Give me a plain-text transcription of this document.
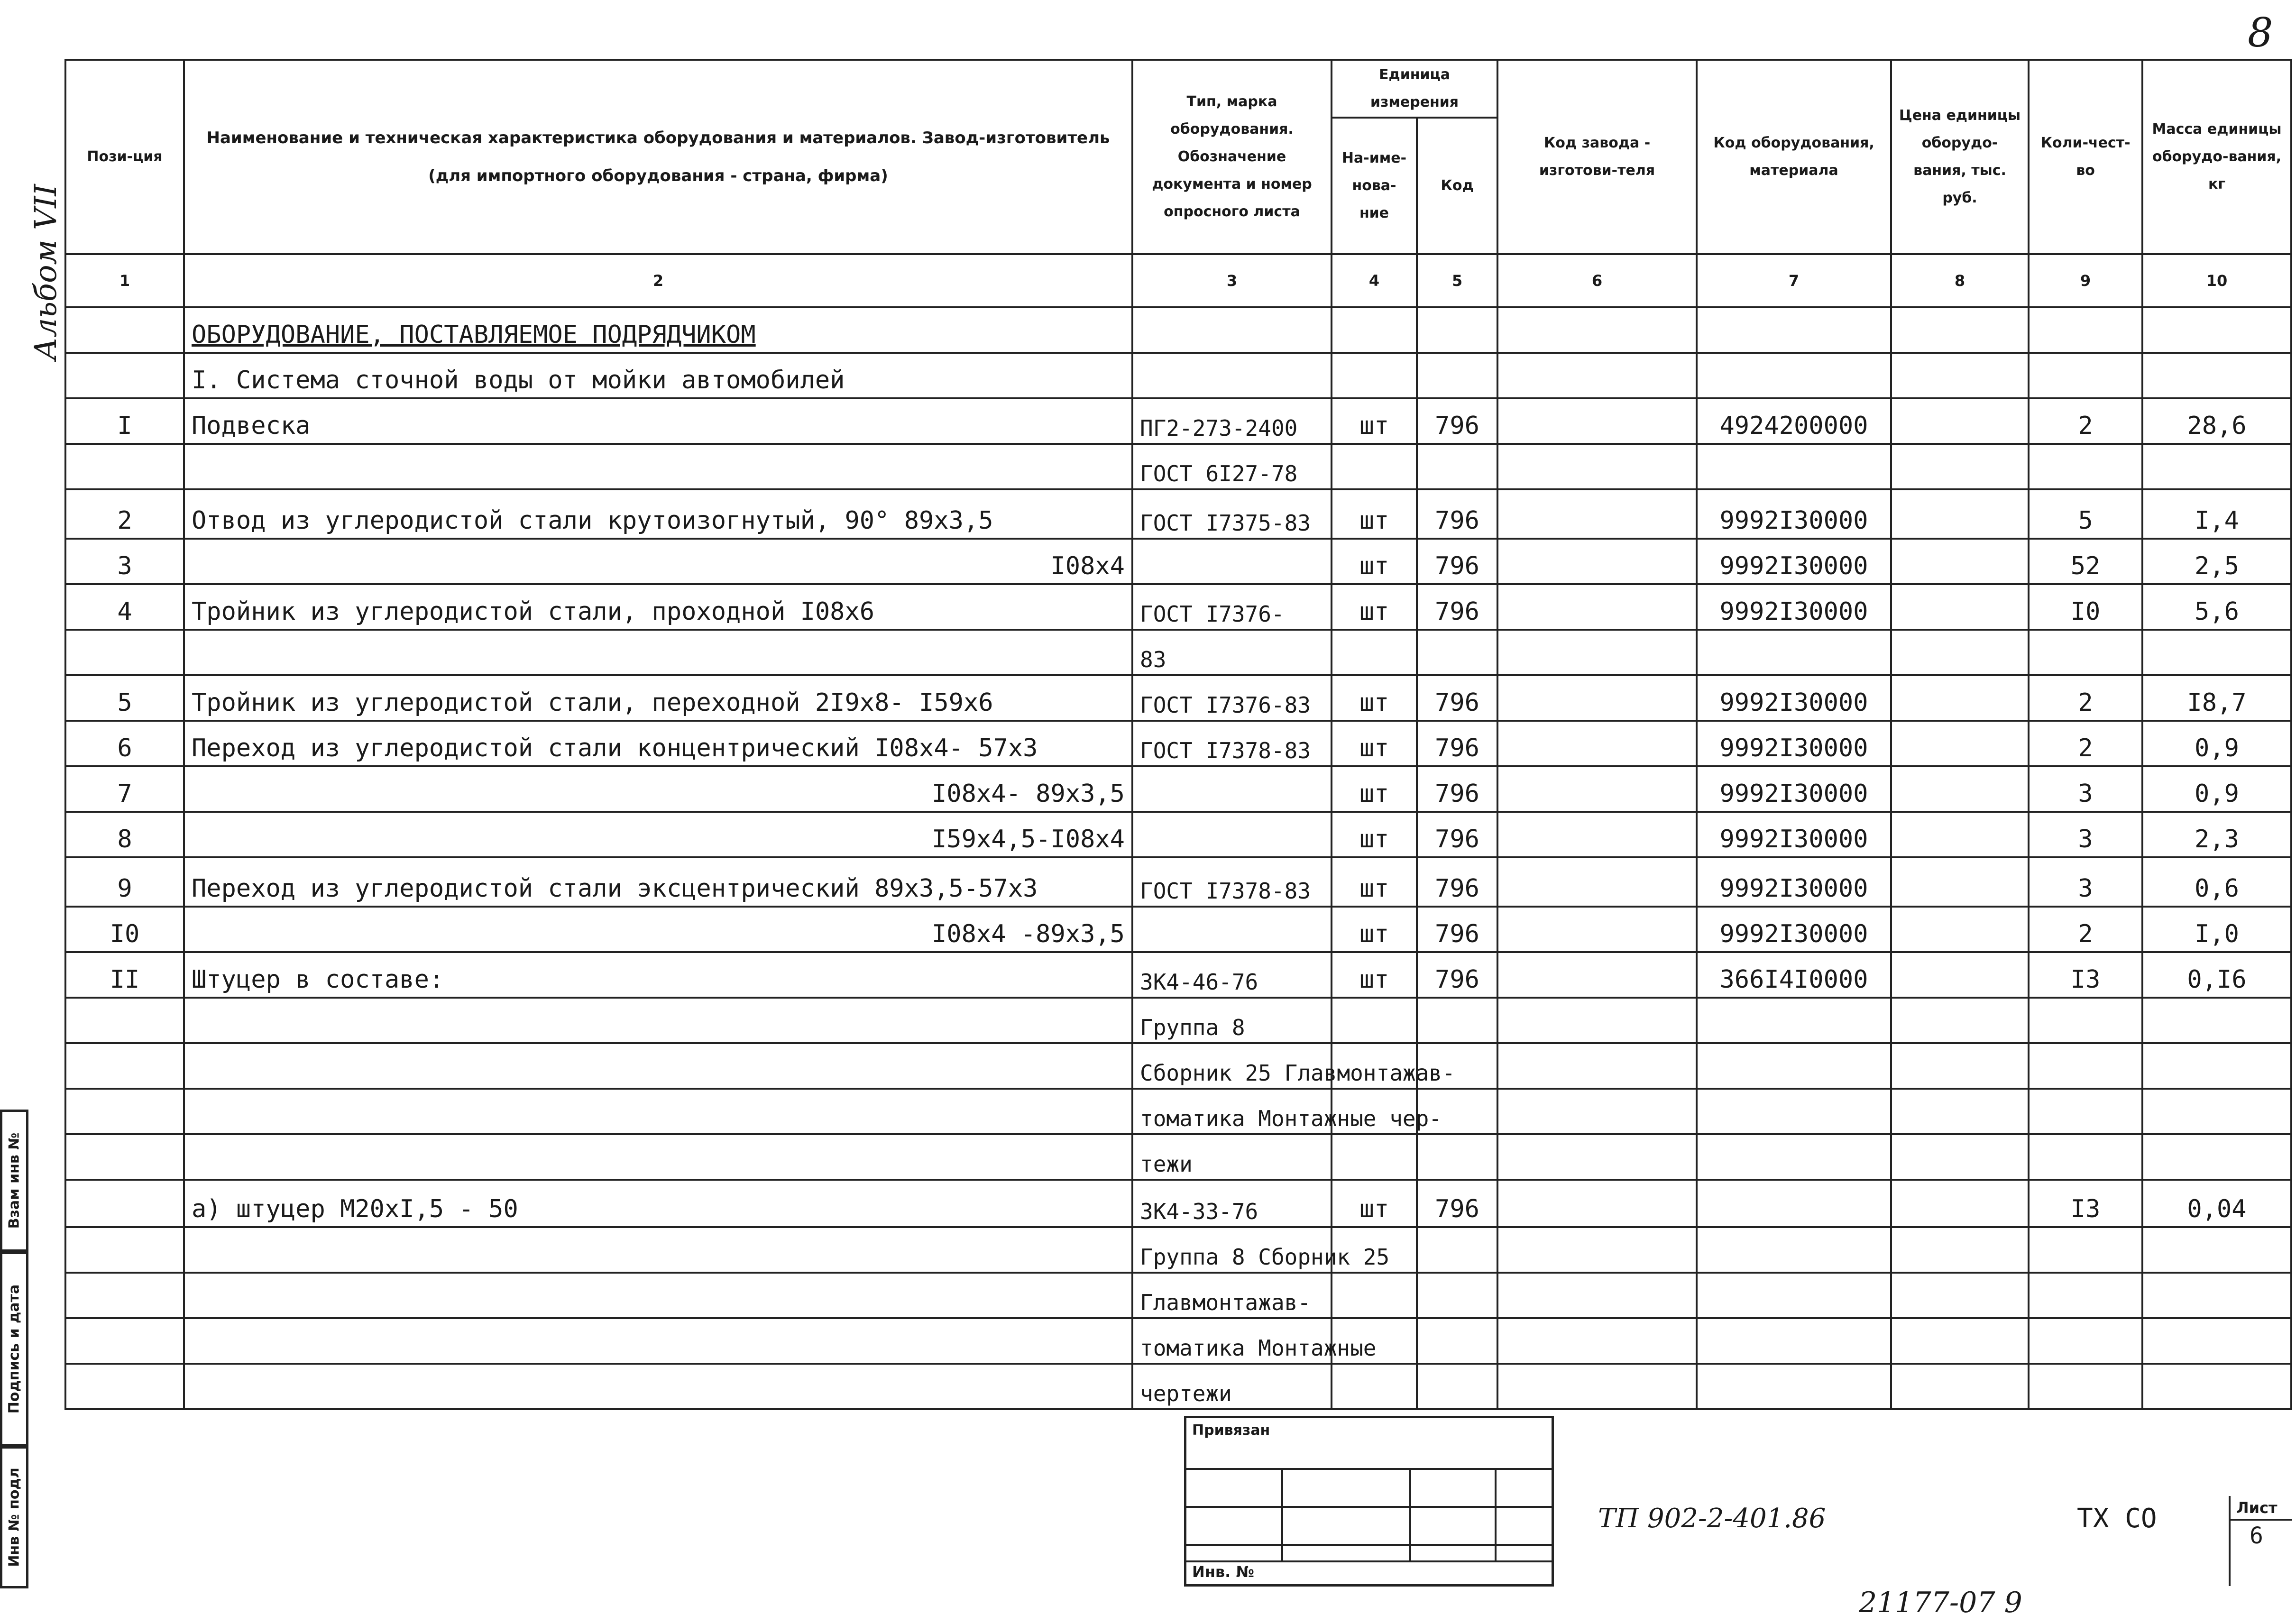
8
Альбом VII
Пози-ция	Наименование и техническая характеристика оборудования и материалов. Завод-изготовитель (для импортного оборудования - страна, фирма)	Тип, марка оборудования. Обозначение документа и номер опросного листа	Единица измерения		Код завода - изготови-теля	Код оборудования, материала	Цена единицы оборудо-вания, тыс. руб.	Коли-чест-во	Масса единицы оборудо-вания, кг
			На-име-нова-ние	Код					
1	2	3	4	5	6	7	8	9	10
	ОБОРУДОВАНИЕ, ПОСТАВЛЯЕМОЕ ПОДРЯДЧИКОМ								
	I. Система сточной воды от мойки автомобилей								
I	Подвеска	ПГ2-273-2400	шт	796		4924200000		2	28,6
		ГОСТ 6I27-78							
2	Отвод из углеродистой стали крутоизогнутый, 90° 89х3,5	ГОСТ I7375-83	шт	796		9992I30000		5	I,4
3	I08x4		шт	796		9992I30000		52	2,5
4	Тройник из углеродистой стали, проходной I08x6	ГОСТ I7376-	шт	796		9992I30000		I0	5,6
		83							
5	Тройник из углеродистой стали, переходной 2I9x8- I59x6	ГОСТ I7376-83	шт	796		9992I30000		2	I8,7
6	Переход из углеродистой стали концентрический I08x4- 57x3	ГОСТ I7378-83	шт	796		9992I30000		2	0,9
7	I08x4- 89x3,5		шт	796		9992I30000		3	0,9
8	I59x4,5-I08x4		шт	796		9992I30000		3	2,3
9	Переход из углеродистой стали эксцентрический 89x3,5-57x3	ГОСТ I7378-83	шт	796		9992I30000		3	0,6
I0	I08x4 -89x3,5		шт	796		9992I30000		2	I,0
II	Штуцер в составе:	ЗК4-46-76	шт	796		366I4I0000		I3	0,I6
		Группа 8							
		Сборник 25 Главмонтажав-							
		томатика Монтажные чер-							
		тежи							
	а) штуцер М20xI,5 - 50	ЗК4-33-76	шт	796				I3	0,04
		Группа 8 Сборник 25							
		Главмонтажав-							
		томатика Монтажные							
		чертежи							
Взам инв №
Подпись и дата
Инв № подл
Привязан
Инв. №
ТП 902-2-401.86	ТХ СО	Лист
6
21177-07 9
